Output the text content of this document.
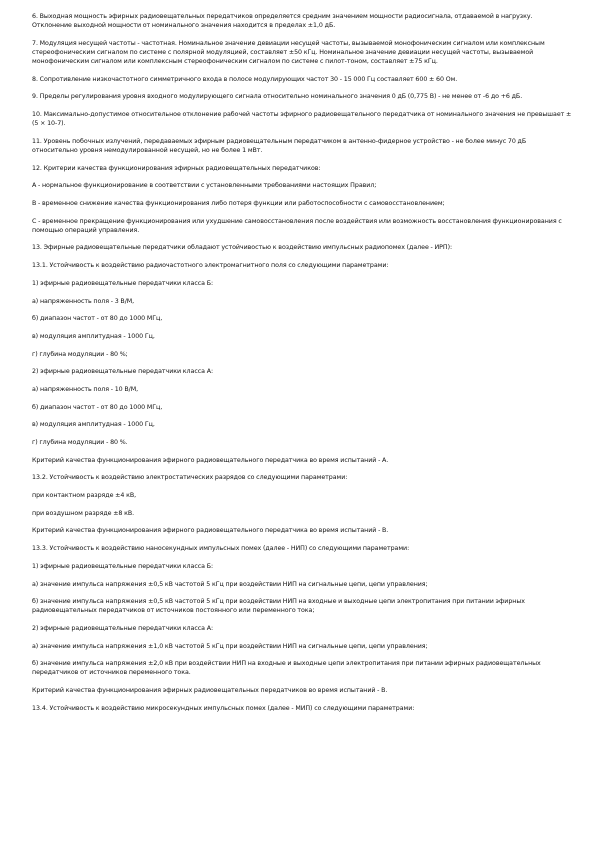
6. Выходная мощность эфирных радиовещательных передатчиков определяется средним значением мощности радиосигнала, отдаваемой в нагрузку. Отклонение выходной мощности от номинального значения находится в пределах ±1,0 дБ.

7. Модуляция несущей частоты - частотная. Номинальное значение девиации несущей частоты, вызываемой монофоническим сигналом или комплексным стереофоническим сигналом по системе с полярной модуляцией, составляет ±50 кГц. Номинальное значение девиации несущей частоты, вызываемой монофоническим сигналом или комплексным стереофоническим сигналом по системе с пилот-тоном, составляет ±75 кГц.

8. Сопротивление низкочастотного симметричного входа в полосе модулирующих частот 30 - 15 000 Гц составляет 600 ± 60 Ом.

9. Пределы регулирования уровня входного модулирующего сигнала относительно номинального значения 0 дБ (0,775 В) - не менее от -6 до +6 дБ.

10. Максимально-допустимое относительное отклонение рабочей частоты эфирного радиовещательного передатчика от номинального значения не превышает ± (5 × 10-7).

11. Уровень побочных излучений, передаваемых эфирным радиовещательным передатчиком в антенно-фидерное устройство - не более минус 70 дБ относительно уровня немодулированной несущей, но не более 1 мВт.

12. Критерии качества функционирования эфирных радиовещательных передатчиков:

А - нормальное функционирование в соответствии с установленными требованиями настоящих Правил;

В - временное снижение качества функционирования либо потеря функции или работоспособности с самовосстановлением;

С - временное прекращение функционирования или ухудшение самовосстановления после воздействия или возможность восстановления функционирования с помощью операций управления.

13. Эфирные радиовещательные передатчики обладают устойчивостью к воздействию импульсных радиопомех (далее - ИРП):

13.1. Устойчивость к воздействию радиочастотного электромагнитного поля со следующими параметрами:

1) эфирные радиовещательные передатчики класса Б:

а) напряженность поля - 3 В/М,

б) диапазон частот - от 80 до 1000 МГц,

в) модуляция амплитудная - 1000 Гц,

г) глубина модуляции - 80 %;

2) эфирные радиовещательные передатчики класса А:

а) напряженность поля - 10 В/М,

б) диапазон частот - от 80 до 1000 МГц,

в) модуляция амплитудная - 1000 Гц,

г) глубина модуляции - 80 %.

Критерий качества функционирования эфирного радиовещательного передатчика во время испытаний - А.

13.2. Устойчивость к воздействию электростатических разрядов со следующими параметрами:

при контактном разряде ±4 кВ,

при воздушном разряде ±8 кВ.

Критерий качества функционирования эфирного радиовещательного передатчика во время испытаний - В.

13.3. Устойчивость к воздействию наносекундных импульсных помех (далее - НИП) со следующими параметрами:

1) эфирные радиовещательные передатчики класса Б:

а) значение импульса напряжения ±0,5 кВ частотой 5 кГц при воздействии НИП на сигнальные цепи, цепи управления;

б) значение импульса напряжения ±0,5 кВ частотой 5 кГц при воздействии НИП на входные и выходные цепи электропитания при питании эфирных радиовещательных передатчиков от источников постоянного или переменного тока;

2) эфирные радиовещательные передатчики класса А:

а) значение импульса напряжения ±1,0 кВ частотой 5 кГц при воздействии НИП на сигнальные цепи, цепи управления;

б) значение импульса напряжения ±2,0 кВ при воздействии НИП на входные и выходные цепи электропитания при питании эфирных радиовещательных передатчиков от источников переменного тока.

Критерий качества функционирования эфирных радиовещательных передатчиков во время испытаний - В.

13.4. Устойчивость к воздействию микросекундных импульсных помех (далее - МИП) со следующими параметрами:
